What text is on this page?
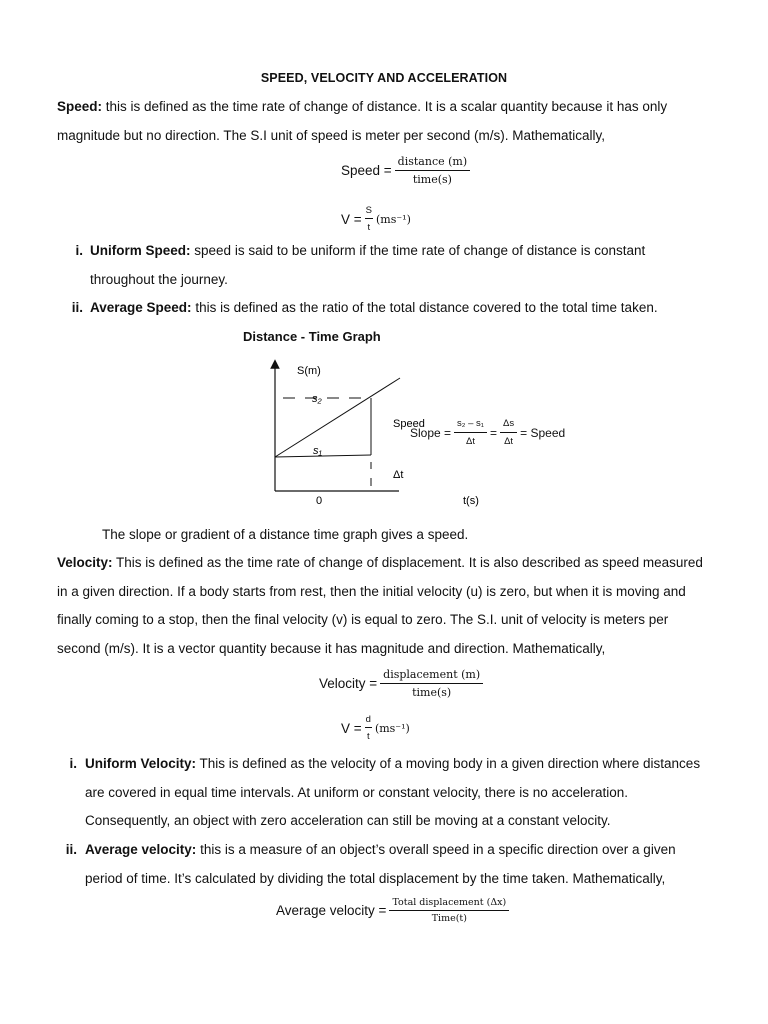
SPEED, VELOCITY AND ACCELERATION
Speed: this is defined as the time rate of change of distance. It is a scalar quantity because it has only
magnitude but no direction. The S.I unit of speed is meter per second (m/s). Mathematically,
Speed = $\frac{\text{distance (m)}}{\text{time(s)}}$
$V = \frac{S}{t} (ms^{-1})$
i. Uniform Speed: speed is said to be uniform if the time rate of change of distance is constant
throughout the journey.
ii. Average Speed: this is defined as the ratio of the total distance covered to the total time taken.
Distance - Time Graph
S(m)
s₂
s₁
Speed
Δt
0	t(s)
Slope = $\frac{\text{s₂ – s₁}}{\Delta t} = \frac{\Delta s}{\Delta t}$ = Speed
The slope or gradient of a distance time graph gives a speed.
Velocity: This is defined as the time rate of change of displacement. It is also described as speed measured
in a given direction. If a body starts from rest, then the initial velocity (u) is zero, but when it is moving and
finally coming to a stop, then the final velocity (v) is equal to zero. The S.I. unit of velocity is meters per
second (m/s). It is a vector quantity because it has magnitude and direction. Mathematically,
Velocity = $\frac{\text{displacement (m)}}{\text{time(s)}}$
$V = \frac{d}{t} (ms^{-1})$
i. Uniform Velocity: This is defined as the velocity of a moving body in a given direction where distances
are covered in equal time intervals. At uniform or constant velocity, there is no acceleration.
Consequently, an object with zero acceleration can still be moving at a constant velocity.
ii. Average velocity: this is a measure of an object’s overall speed in a specific direction over a given
period of time. It’s calculated by dividing the total displacement by the time taken. Mathematically,
Average velocity = $\frac{\text{Total displacement (Δx)}}{\text{Time(t)}}$
